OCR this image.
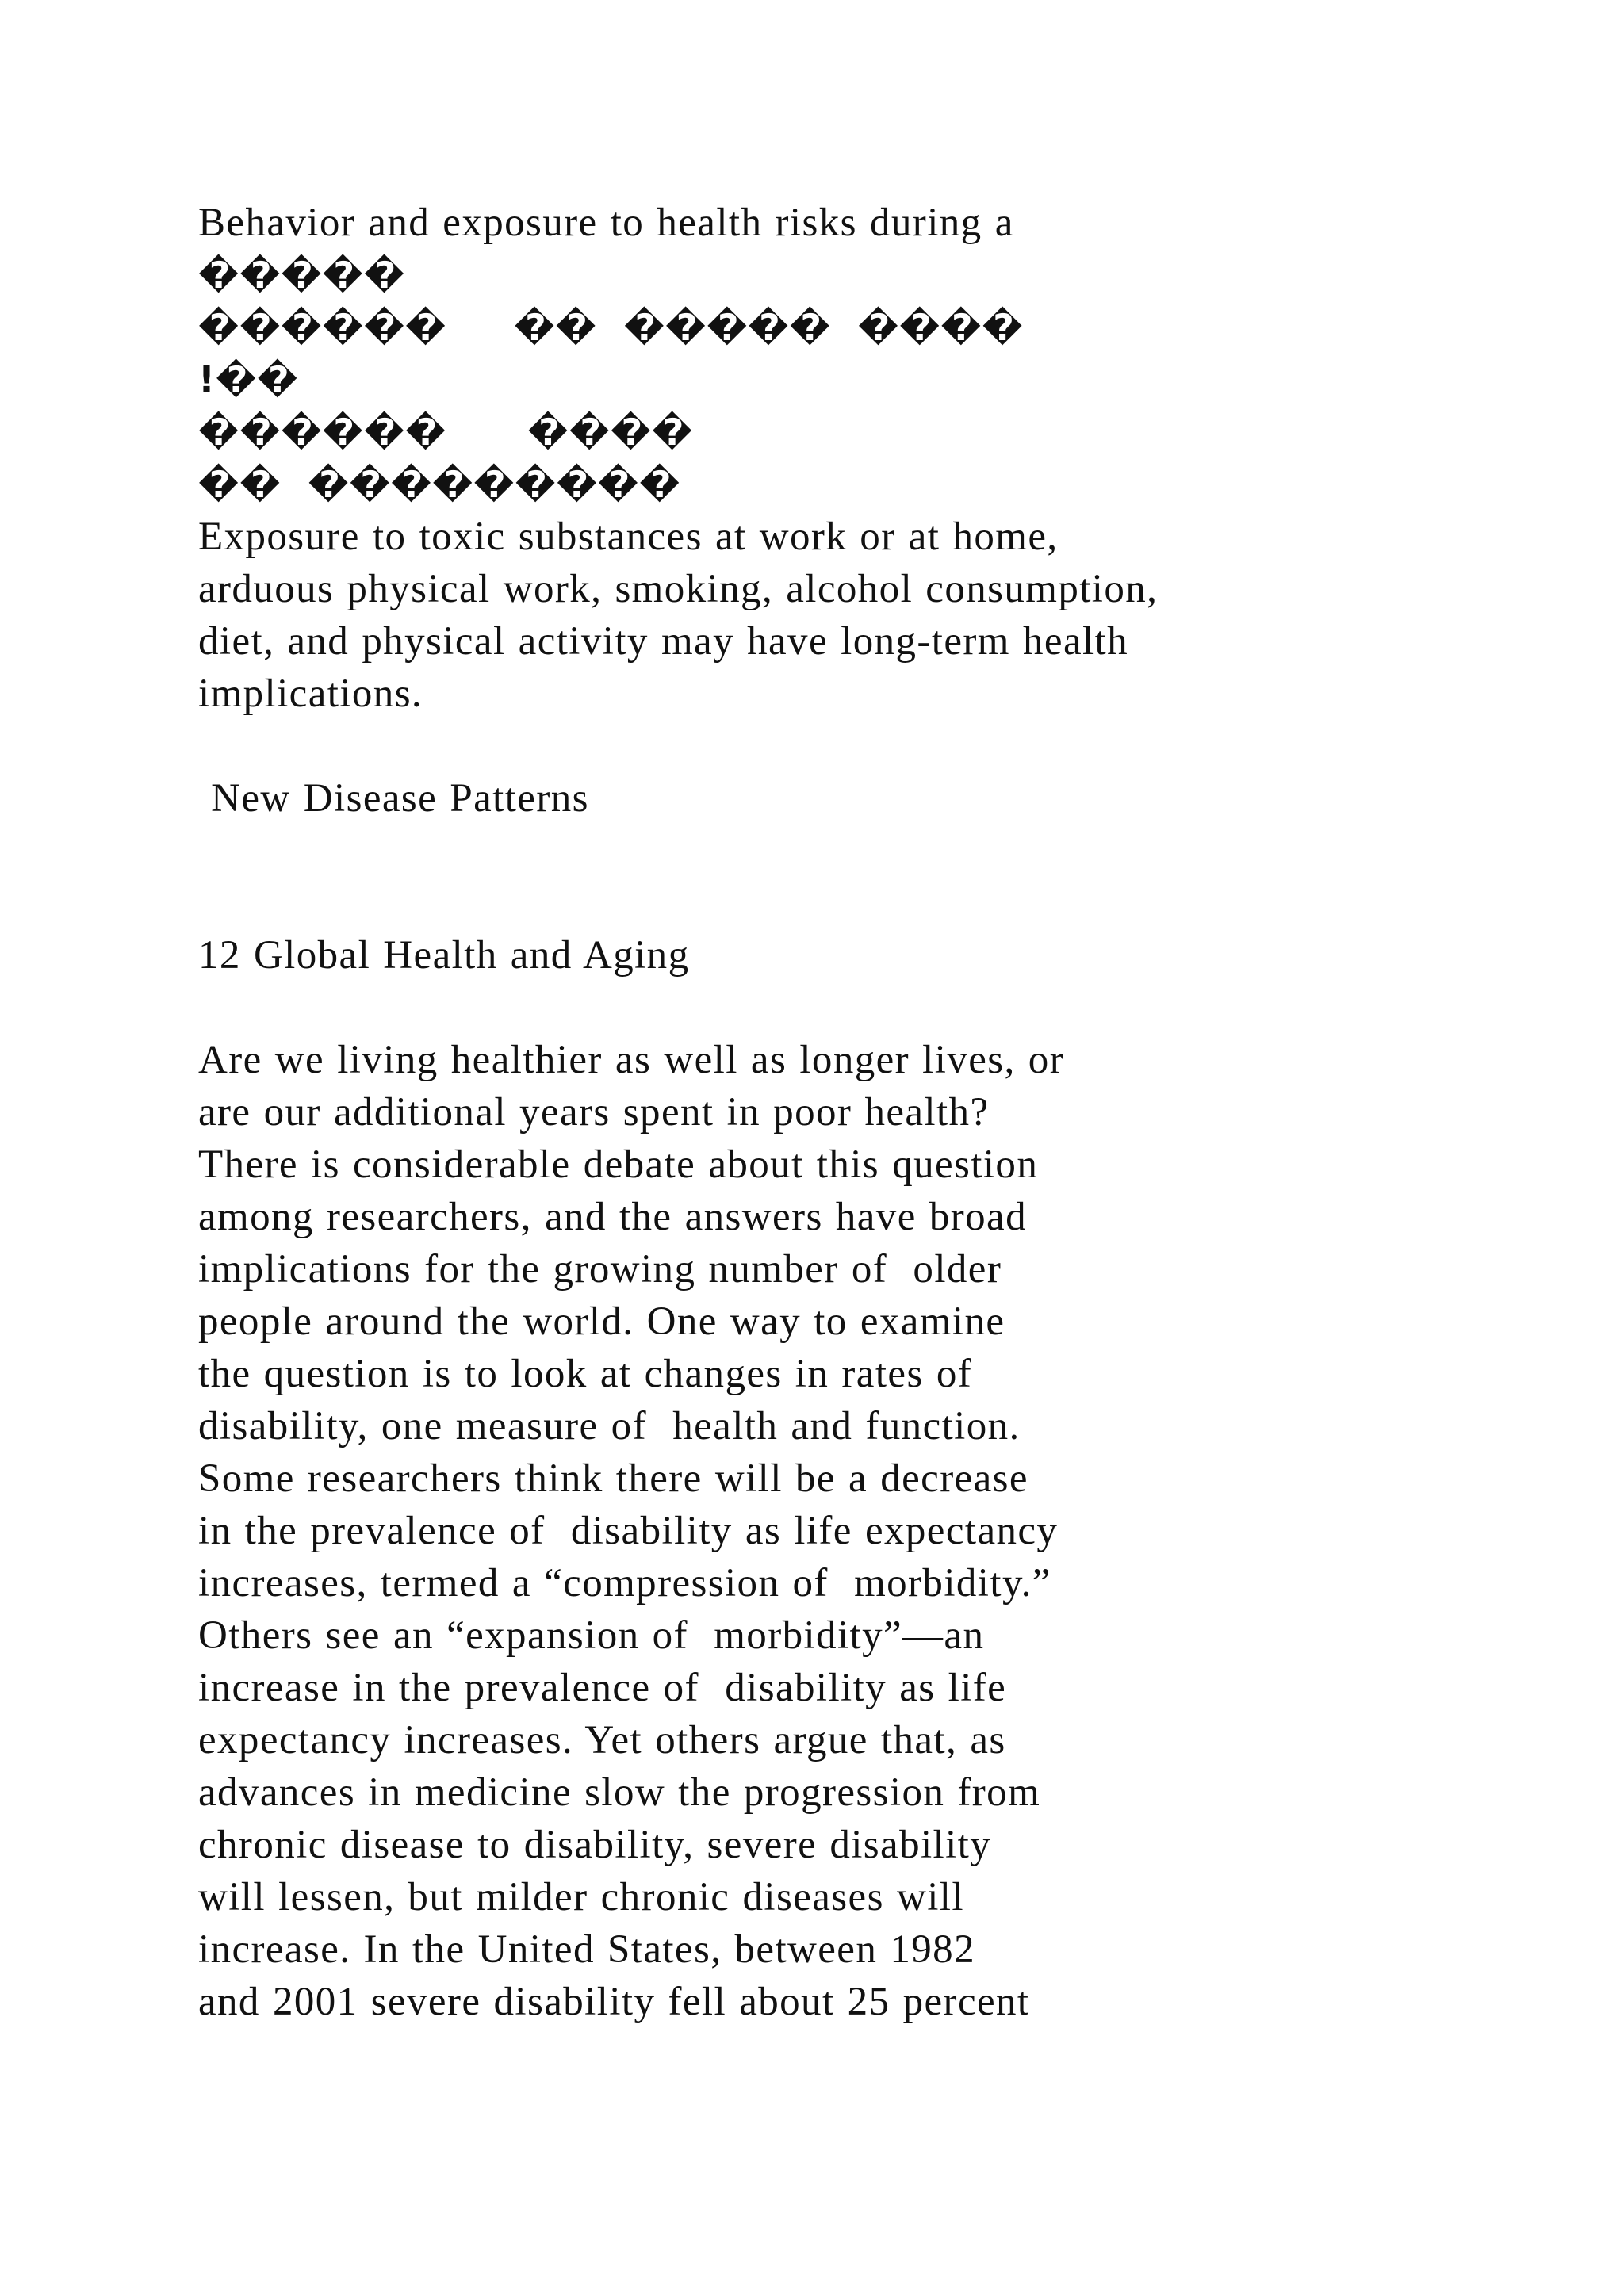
Behavior and exposure to health risks during a
�����
������     ��  �����  ����
!��
������      ����
��  ���������
Exposure to toxic substances at work or at home,
arduous physical work, smoking, alcohol consumption,
diet, and physical activity may have long-term health
implications.
New Disease Patterns
12 Global Health and Aging
Are we living healthier as well as longer lives, or
are our additional years spent in poor health?
There is considerable debate about this question
among researchers, and the answers have broad
implications for the growing number of  older
people around the world. One way to examine
the question is to look at changes in rates of
disability, one measure of  health and function.
Some researchers think there will be a decrease
in the prevalence of  disability as life expectancy
increases, termed a “compression of  morbidity.”
Others see an “expansion of  morbidity”—an
increase in the prevalence of  disability as life
expectancy increases. Yet others argue that, as
advances in medicine slow the progression from
chronic disease to disability, severe disability
will lessen, but milder chronic diseases will
increase. In the United States, between 1982
and 2001 severe disability fell about 25 percent
